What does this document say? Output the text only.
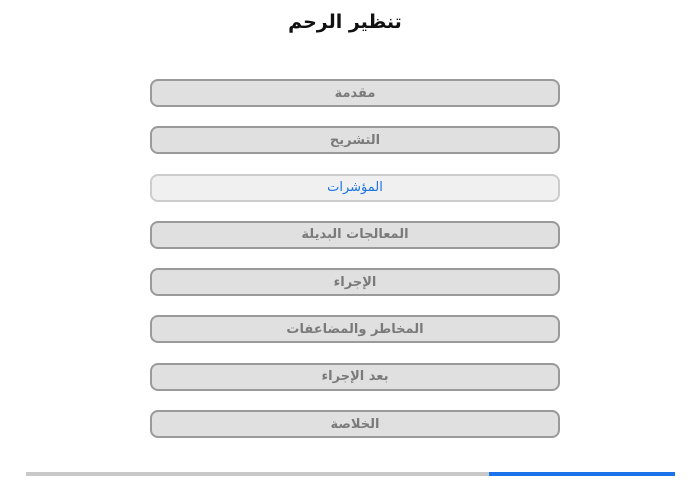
تنظير الرحم
مقدمة
التشريح
المؤشرات
المعالجات البديلة
الإجراء
المخاطر والمضاعفات
بعد الإجراء
الخلاصة
